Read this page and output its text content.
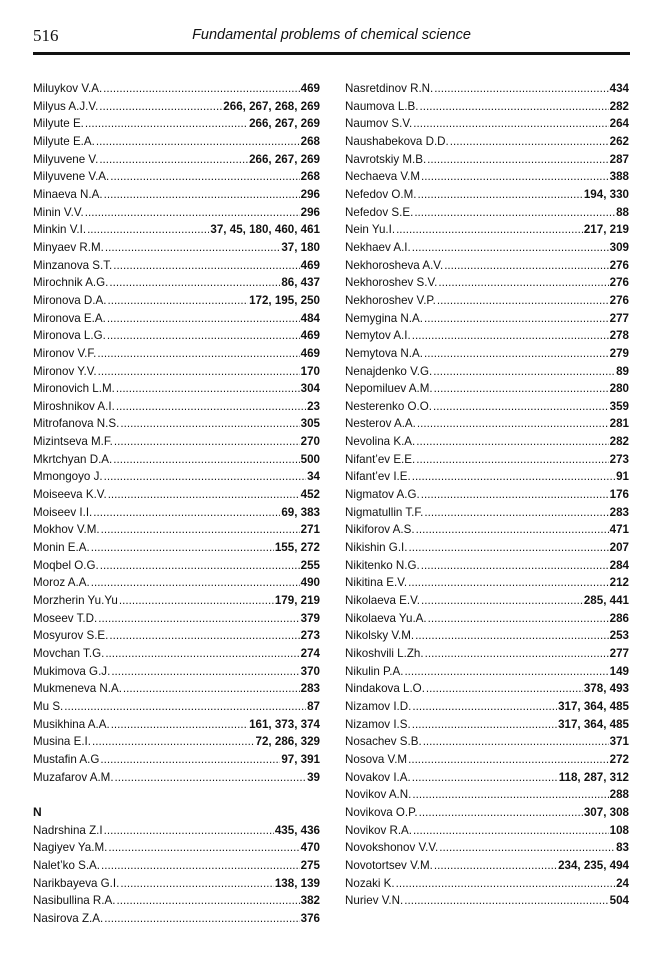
516	Fundamental problems of chemical science
Miluykov V.A. . . .	469
Milyus A.J.V. . . .	266, 267, 268, 269
Milyute E. . . .	266, 267, 269
Milyute E.A. . . .	268
Milyuvene V. . . .	266, 267, 269
Milyuvene V.A. . . .	268
Minaeva N.A. . . .	296
Minin V.V. . . .	296
Minkin V.I. . . .	37, 45, 180, 460, 461
Minyaev R.M. . . .	37, 180
Minzanova S.T. . . .	469
Mirochnik A.G. . . .	86, 437
Mironova D.A. . . .	172, 195, 250
Mironova E.A. . . .	484
Mironova L.G. . . .	469
Mironov V.F. . . .	469
Mironov Y.V. . . .	170
Mironovich L.M. . . .	304
Miroshnikov A.I. . . .	23
Mitrofanova N.S. . . .	305
Mizintseva M.F. . . .	270
Mkrtchyan D.A. . . .	500
Mmongoyo J. . . .	34
Moiseeva K.V. . . .	452
Moiseev I.I. . . .	69, 383
Mokhov V.M. . . .	271
Monin E.A. . . .	155, 272
Moqbel O.G. . . .	255
Moroz A.A. . . .	490
Morzherin Yu.Yu . . .	179, 219
Moseev T.D. . . .	379
Mosyurov S.E. . . .	273
Movchan T.G. . . .	274
Mukimova G.J. . . .	370
Mukmeneva N.A. . . .	283
Mu S. . . .	87
Musikhina A.A. . . .	161, 373, 374
Musina E.I. . . .	72, 286, 329
Mustafin A.G . . .	97, 391
Muzafarov A.M. . . .	39
N
Nadrshina Z.I . . .	435, 436
Nagiyev Ya.M. . . .	470
Nalet’ko S.A. . . .	275
Narikbayeva G.I. . . .	138, 139
Nasibullina R.A. . . .	382
Nasirova Z.A. . . .	376
Nasretdinov R.N. . . .	434
Naumova L.B. . . .	282
Naumov S.V. . . .	264
Naushabekova D.D. . . .	262
Navrotskiy M.B. . . .	287
Nechaeva V.M . . .	388
Nefedov O.M. . . .	194, 330
Nefedov S.E. . . .	88
Nein Yu.I. . . .	217, 219
Nekhaev A.I. . . .	309
Nekhorosheva A.V. . . .	276
Nekhoroshev S.V. . . .	276
Nekhoroshev V.P. . . .	276
Nemygina N.A. . . .	277
Nemytov A.I. . . .	278
Nemytova N.A. . . .	279
Nenajdenko V.G. . . .	89
Nepomiluev A.M. . . .	280
Nesterenko O.O. . . .	359
Nesterov A.A. . . .	281
Nevolina K.A. . . .	282
Nifant’ev E.E. . . .	273
Nifant’ev I.E. . . .	91
Nigmatov A.G. . . .	176
Nigmatullin T.F. . . .	283
Nikiforov A.S. . . .	471
Nikishin G.I. . . .	207
Nikitenko N.G. . . .	284
Nikitina E.V. . . .	212
Nikolaeva E.V. . . .	285, 441
Nikolaeva Yu.A. . . .	286
Nikolsky V.M. . . .	253
Nikoshvili L.Zh. . . .	277
Nikulin P.A. . . .	149
Nindakova L.O. . . .	378, 493
Nizamov I.D. . . .	317, 364, 485
Nizamov I.S. . . .	317, 364, 485
Nosachev S.B. . . .	371
Nosova V.M . . .	272
Novakov I.A. . . .	118, 287, 312
Novikov A.N. . . .	288
Novikova O.P. . . .	307, 308
Novikov R.A. . . .	108
Novokshonov V.V. . . .	83
Novotortsev V.M. . . .	234, 235, 494
Nozaki K. . . .	24
Nuriev V.N. . . .	504
